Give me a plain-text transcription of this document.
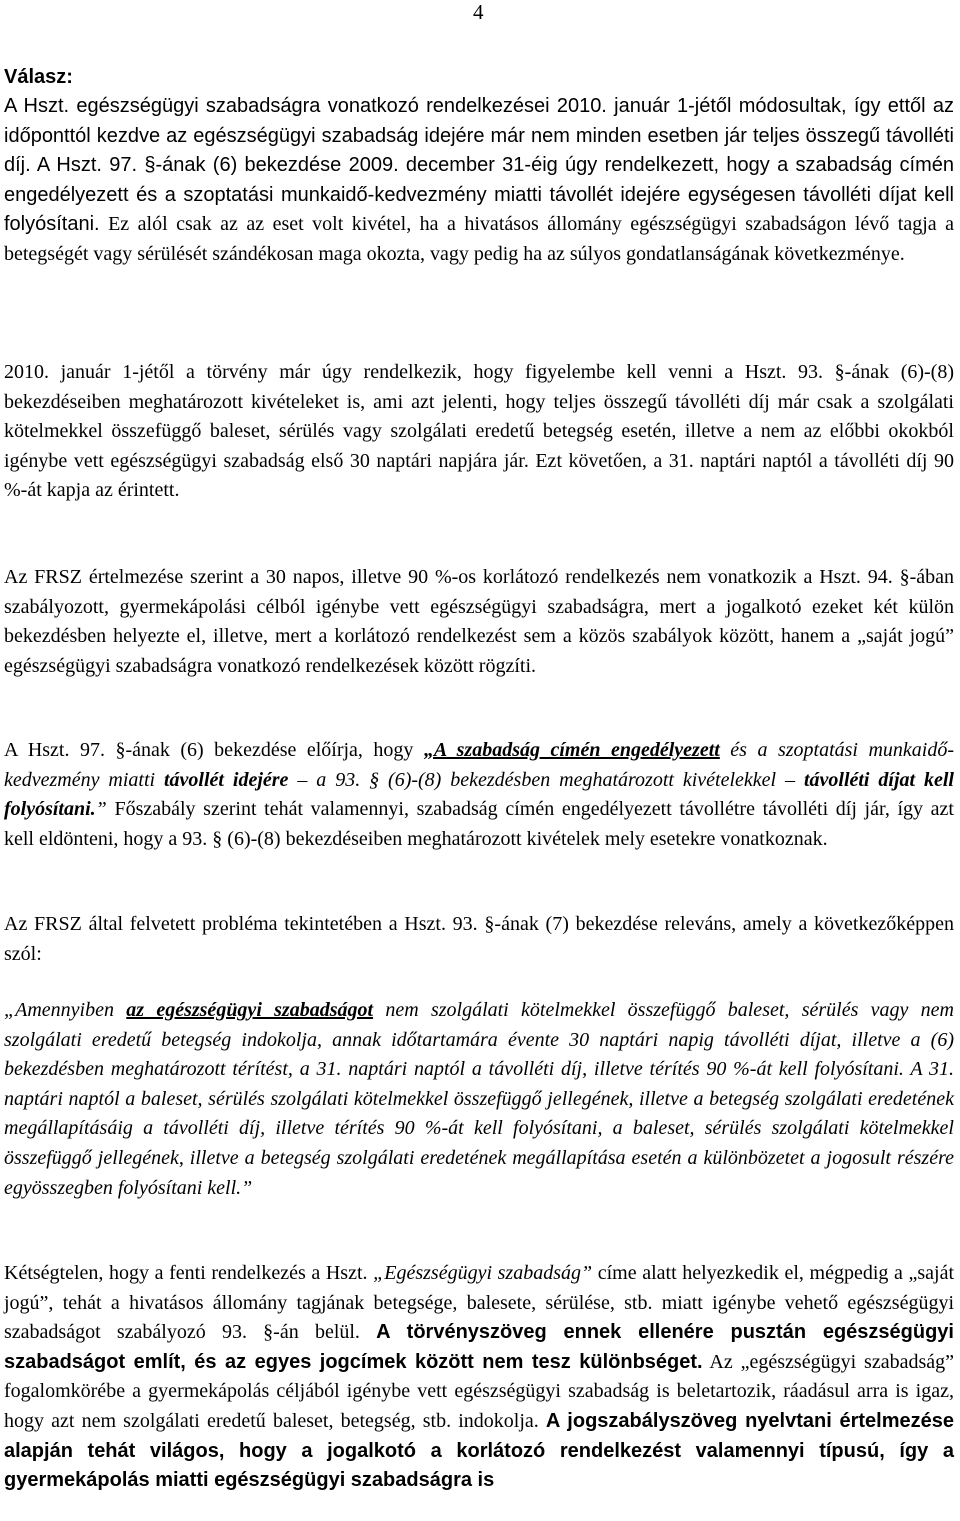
4
Válasz:

A Hszt. egészségügyi szabadságra vonatkozó rendelkezései 2010. január 1-jétől módosultak, így ettől az időponttól kezdve az egészségügyi szabadság idejére már nem minden esetben jár teljes összegű távolléti díj. A Hszt. 97. §-ának (6) bekezdése 2009. december 31-éig úgy rendelkezett, hogy a szabadság címén engedélyezett és a szoptatási munkaidő-kedvezmény miatti távollét idejére egységesen távolléti díjat kell folyósítani. Ez alól csak az az eset volt kivétel, ha a hivatásos állomány egészségügyi szabadságon lévő tagja a betegségét vagy sérülését szándékosan maga okozta, vagy pedig ha az súlyos gondatlanságának következménye.

2010. január 1-jétől a törvény már úgy rendelkezik, hogy figyelembe kell venni a Hszt. 93. §-ának (6)-(8) bekezdéseiben meghatározott kivételeket is, ami azt jelenti, hogy teljes összegű távolléti díj már csak a szolgálati kötelmekkel összefüggő baleset, sérülés vagy szolgálati eredetű betegség esetén, illetve a nem az előbbi okokból igénybe vett egészségügyi szabadság első 30 naptári napjára jár. Ezt követően, a 31. naptári naptól a távolléti díj 90 %-át kapja az érintett.

Az FRSZ értelmezése szerint a 30 napos, illetve 90 %-os korlátozó rendelkezés nem vonatkozik a Hszt. 94. §-ában szabályozott, gyermekápolási célból igénybe vett egészségügyi szabadságra, mert a jogalkotó ezeket két külön bekezdésben helyezte el, illetve, mert a korlátozó rendelkezést sem a közös szabályok között, hanem a „saját jogú” egészségügyi szabadságra vonatkozó rendelkezések között rögzíti.

A Hszt. 97. §-ának (6) bekezdése előírja, hogy „A szabadság címén engedélyezett és a szoptatási munkaidő-kedvezmény miatti távollét idejére – a 93. § (6)-(8) bekezdésben meghatározott kivételekkel – távolléti díjat kell folyósítani.” Főszabály szerint tehát valamennyi, szabadság címén engedélyezett távollétre távolléti díj jár, így azt kell eldönteni, hogy a 93. § (6)-(8) bekezdéseiben meghatározott kivételek mely esetekre vonatkoznak.

Az FRSZ által felvetett probléma tekintetében a Hszt. 93. §-ának (7) bekezdése releváns, amely a következőképpen szól:

„Amennyiben az egészségügyi szabadságot nem szolgálati kötelmekkel összefüggő baleset, sérülés vagy nem szolgálati eredetű betegség indokolja, annak időtartamára évente 30 naptári napig távolléti díjat, illetve a (6) bekezdésben meghatározott térítést, a 31. naptári naptól a távolléti díj, illetve térítés 90 %-át kell folyósítani. A 31. naptári naptól a baleset, sérülés szolgálati kötelmekkel összefüggő jellegének, illetve a betegség szolgálati eredetének megállapításáig a távolléti díj, illetve térítés 90 %-át kell folyósítani, a baleset, sérülés szolgálati kötelmekkel összefüggő jellegének, illetve a betegség szolgálati eredetének megállapítása esetén a különbözetet a jogosult részére egyösszegben folyósítani kell.”

Kétségtelen, hogy a fenti rendelkezés a Hszt. „Egészségügyi szabadság” címe alatt helyezkedik el, mégpedig a „saját jogú”, tehát a hivatásos állomány tagjának betegsége, balesete, sérülése, stb. miatt igénybe vehető egészségügyi szabadságot szabályozó 93. §-án belül. A törvényszöveg ennek ellenére pusztán egészségügyi szabadságot említ, és az egyes jogcímek között nem tesz különbséget. Az „egészségügyi szabadság” fogalomkörébe a gyermekápolás céljából igénybe vett egészségügyi szabadság is beletartozik, ráadásul arra is igaz, hogy azt nem szolgálati eredetű baleset, betegség, stb. indokolja. A jogszabályszöveg nyelvtani értelmezése alapján tehát világos, hogy a jogalkotó a korlátozó rendelkezést valamennyi típusú, így a gyermekápolás miatti egészségügyi szabadságra is
